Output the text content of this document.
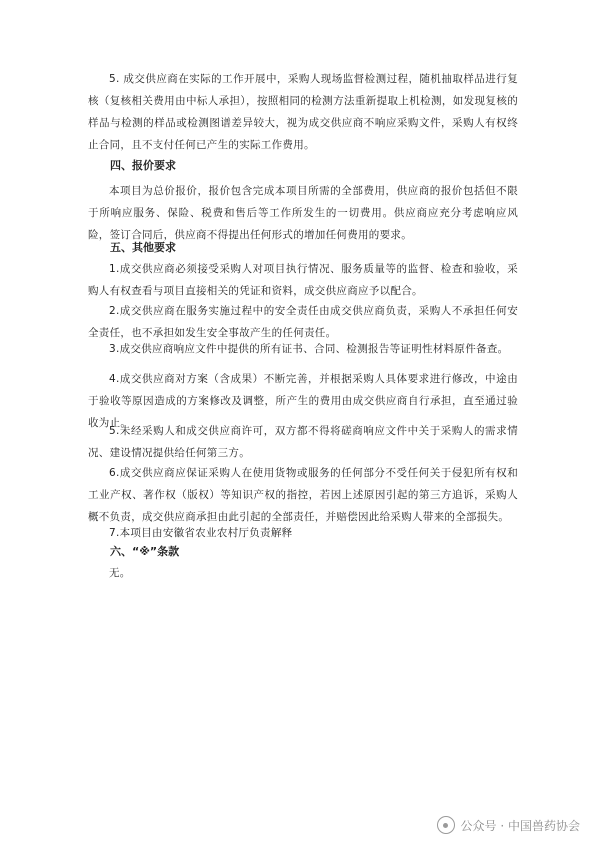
5. 成交供应商在实际的工作开展中，采购人现场监督检测过程，随机抽取样品进行复核（复核相关费用由中标人承担），按照相同的检测方法重新提取上机检测，如发现复核的样品与检测的样品或检测图谱差异较大，视为成交供应商不响应采购文件，采购人有权终止合同，且不支付任何已产生的实际工作费用。

四、报价要求

本项目为总价报价，报价包含完成本项目所需的全部费用，供应商的报价包括但不限于所响应服务、保险、税费和售后等工作所发生的一切费用。供应商应充分考虑响应风险，签订合同后，供应商不得提出任何形式的增加任何费用的要求。

五、其他要求

1.成交供应商必须接受采购人对项目执行情况、服务质量等的监督、检查和验收，采购人有权查看与项目直接相关的凭证和资料，成交供应商应予以配合。

2.成交供应商在服务实施过程中的安全责任由成交供应商负责，采购人不承担任何安全责任，也不承担如发生安全事故产生的任何责任。

3.成交供应商响应文件中提供的所有证书、合同、检测报告等证明性材料原件备查。

4.成交供应商对方案（含成果）不断完善，并根据采购人具体要求进行修改，中途由于验收等原因造成的方案修改及调整，所产生的费用由成交供应商自行承担，直至通过验收为止。

5.未经采购人和成交供应商许可，双方都不得将磋商响应文件中关于采购人的需求情况、建设情况提供给任何第三方。

6.成交供应商应保证采购人在使用货物或服务的任何部分不受任何关于侵犯所有权和工业产权、著作权（版权）等知识产权的指控，若因上述原因引起的第三方追诉，采购人概不负责，成交供应商承担由此引起的全部责任，并赔偿因此给采购人带来的全部损失。

7.本项目由安徽省农业农村厅负责解释

六、“※”条款

无。

公众号 · 中国兽药协会
